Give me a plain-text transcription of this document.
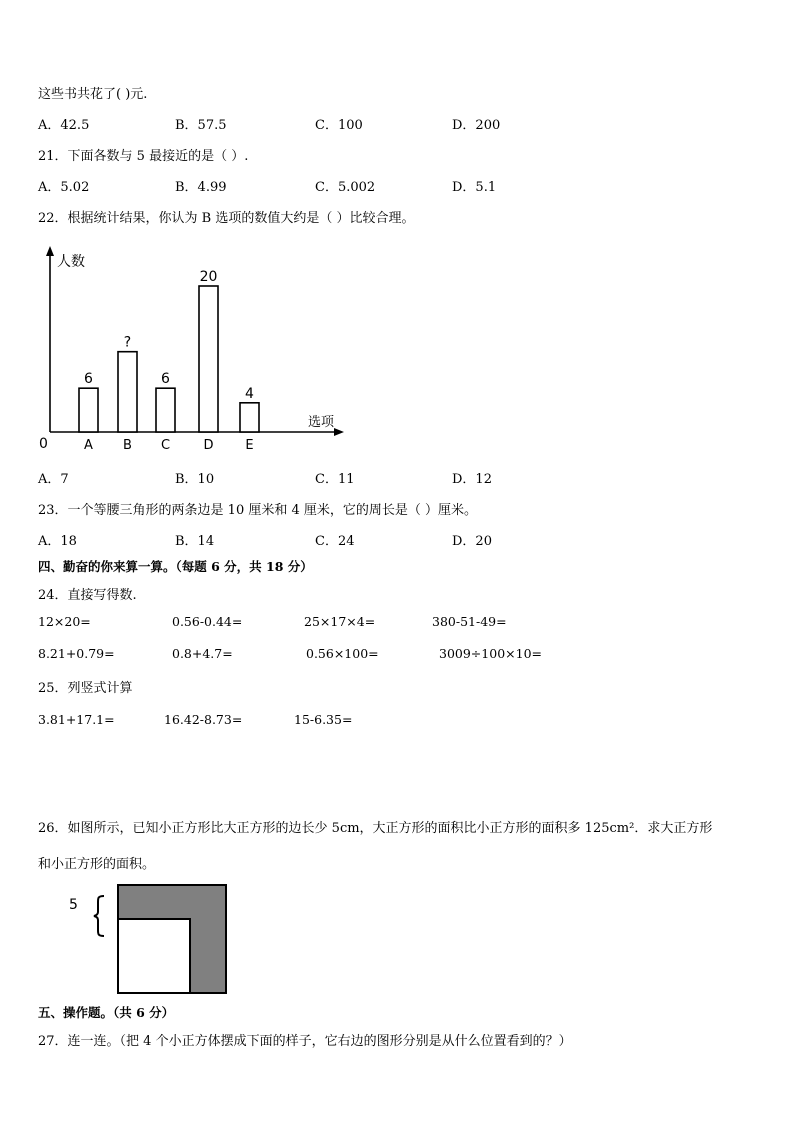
这些书共花了( )元.
A．42.5	B．57.5	C．100	D．200
21．下面各数与 5 最接近的是（ ）.
A．5.02	B．4.99	C．5.002	D．5.1
22．根据统计结果，你认为 B 选项的数值大约是（ ）比较合理。
人数
选项
0
6
A
?
B
6
C
20
D
4
E
A．7	B．10	C．11	D．12
23．一个等腰三角形的两条边是 10 厘米和 4 厘米，它的周长是（ ）厘米。
A．18	B．14	C．24	D．20
四、勤奋的你来算一算。（每题 6 分，共 18 分）
24．直接写得数.
12×20=	0.56-0.44=	25×17×4=	380-51-49=
8.21+0.79=	0.8+4.7=	0.56×100=	3009÷100×10=
25．列竖式计算
3.81+17.1=	16.42-8.73=	15-6.35=
26．如图所示，已知小正方形比大正方形的边长少 5cm，大正方形的面积比小正方形的面积多 125cm²．求大正方形
和小正方形的面积。
5
五、操作题。（共 6 分）
27．连一连。（把 4 个小正方体摆成下面的样子，它右边的图形分别是从什么位置看到的？）
